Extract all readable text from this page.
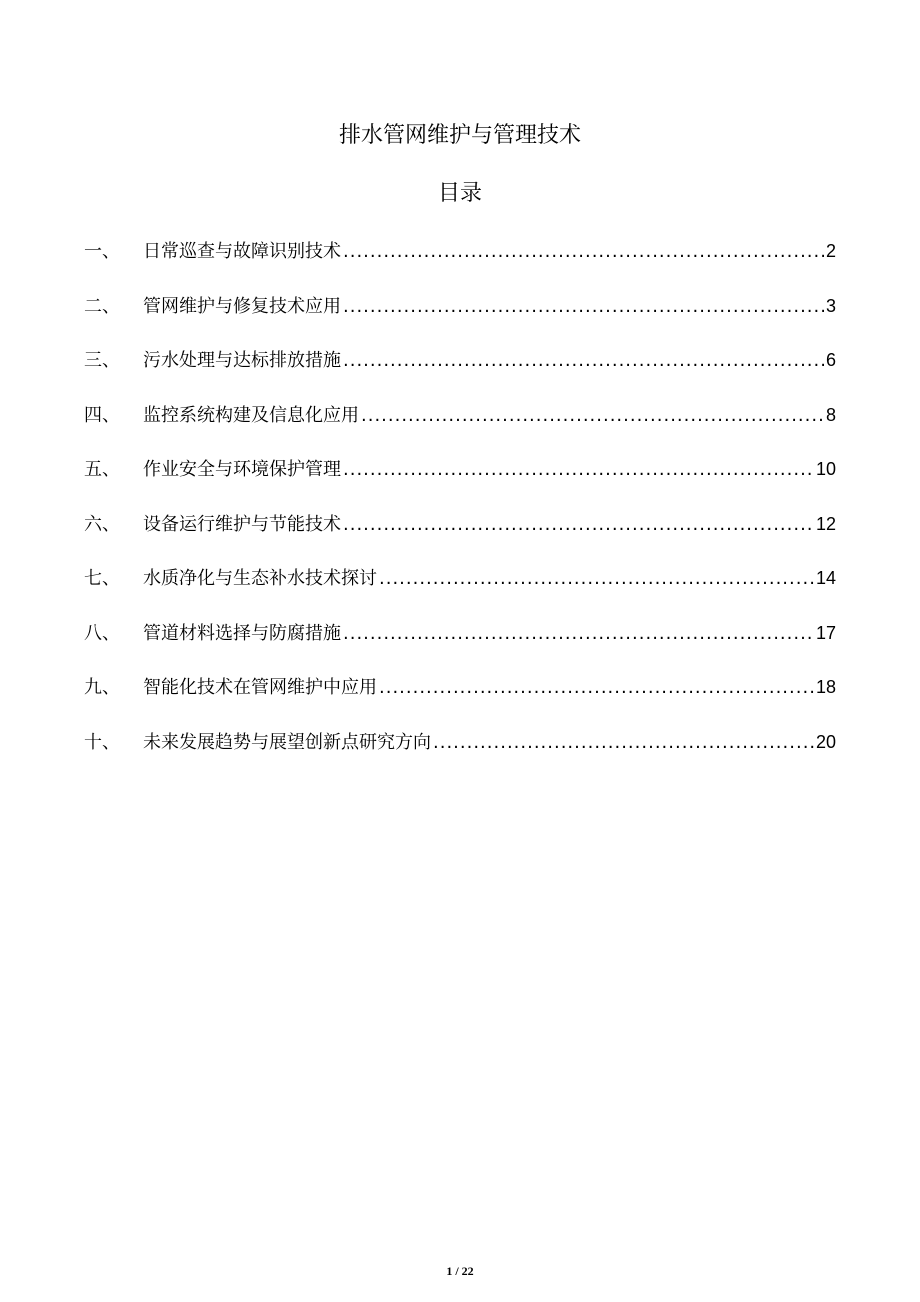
排水管网维护与管理技术
目录
一、	日常巡查与故障识别技术 .....	2
二、	管网维护与修复技术应用 .....	3
三、	污水处理与达标排放措施 .....	6
四、	监控系统构建及信息化应用 .....	8
五、	作业安全与环境保护管理 .....	10
六、	设备运行维护与节能技术 .....	12
七、	水质净化与生态补水技术探讨 .....	14
八、	管道材料选择与防腐措施 .....	17
九、	智能化技术在管网维护中应用 .....	18
十、	未来发展趋势与展望创新点研究方向 .....	20
1 / 22
